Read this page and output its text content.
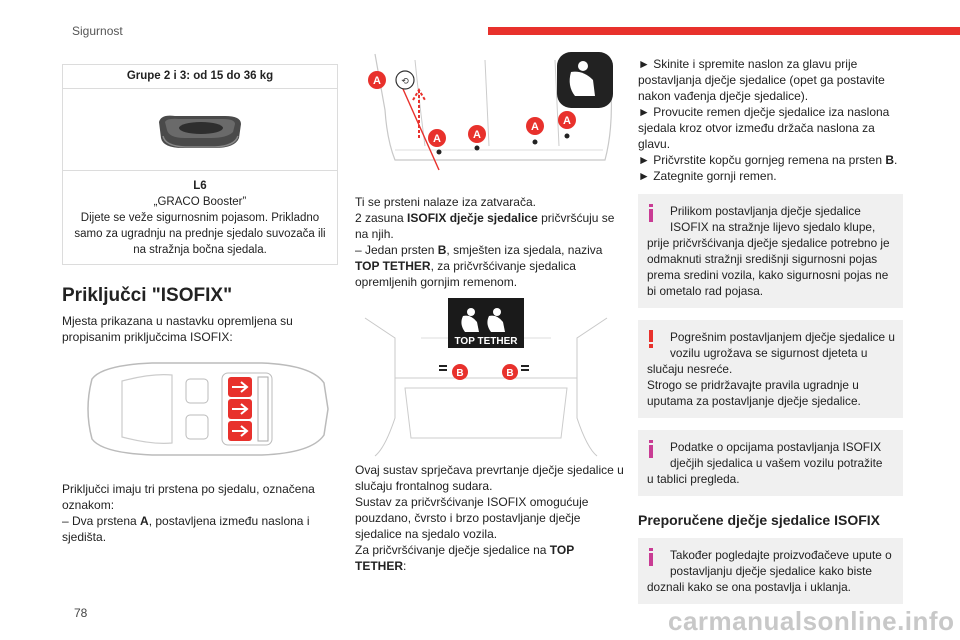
Sigurnost
Grupe 2 i 3: od 15 do 36 kg
L6
„GRACO Booster”
Dijete se veže sigurnosnim pojasom. Prikladno samo za ugradnju na prednje sjedalo suvozača ili na stražnja bočna sjedala.
Priključci "ISOFIX"
Mjesta prikazana u nastavku opremljena su propisanim priključcima ISOFIX:
Priključci imaju tri prstena po sjedalu, označena oznakom:
– Dva prstena A, postavljena između naslona i sjedišta.
A ⟲
A	A
A A
Ti se prsteni nalaze iza zatvarača.
2 zasuna ISOFIX dječje sjedalice pričvršćuju se na njih.
– Jedan prsten B, smješten iza sjedala, naziva TOP TETHER, za pričvršćivanje sjedalica opremljenih gornjim remenom.
TOP TETHER
B	B
Ovaj sustav sprječava prevrtanje dječje sjedalice u slučaju frontalnog sudara.
Sustav za pričvršćivanje ISOFIX omogućuje pouzdano, čvrsto i brzo postavljanje dječje sjedalice na sjedalo vozila.
Za pričvršćivanje dječje sjedalice na TOP TETHER:
► Skinite i spremite naslon za glavu prije postavljanja dječje sjedalice (opet ga postavite nakon vađenja dječje sjedalice).
► Provucite remen dječje sjedalice iza naslona sjedala kroz otvor između držača naslona za glavu.
► Pričvrstite kopču gornjeg remena na prsten B.
► Zategnite gornji remen.
Prilikom postavljanja dječje sjedalice ISOFIX na stražnje lijevo sjedalo klupe,
prije pričvršćivanja dječje sjedalice potrebno je odmaknuti stražnji središnji sigurnosni pojas prema sredini vozila, kako sigurnosni pojas ne bi ometalo rad pojasa.
Pogrešnim postavljanjem dječje sjedalice u vozilu ugrožava se sigurnost djeteta u
slučaju nesreće.
Strogo se pridržavajte pravila ugradnje u uputama za postavljanje dječje sjedalice.
Podatke o opcijama postavljanja ISOFIX dječjih sjedalica u vašem vozilu potražite
u tablici pregleda.
Preporučene dječje sjedalice ISOFIX
Također pogledajte proizvođačeve upute o postavljanju dječje sjedalice kako biste
doznali kako se ona postavlja i uklanja.
78	carmanualsonline.info
